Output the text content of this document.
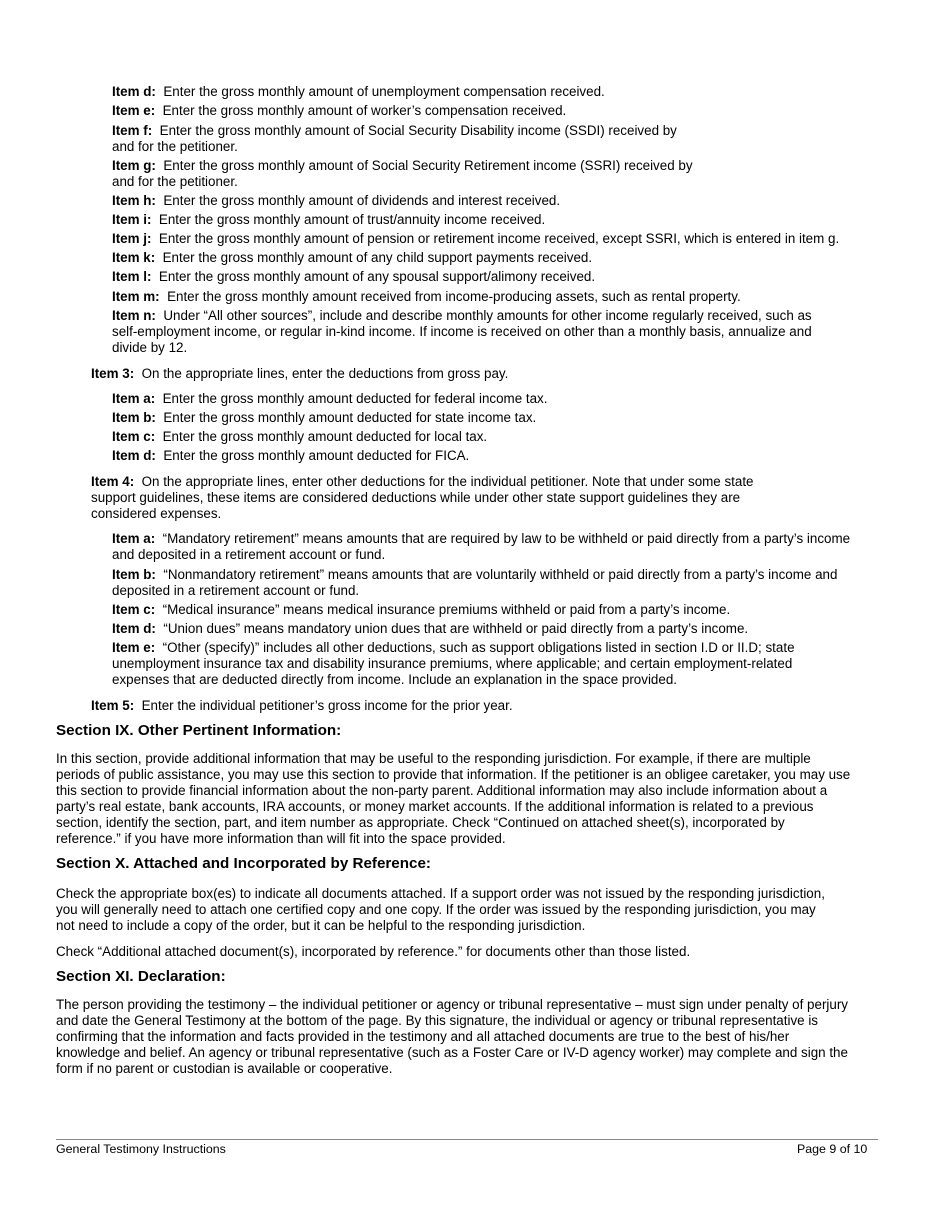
Item d: Enter the gross monthly amount of unemployment compensation received.

Item e: Enter the gross monthly amount of worker’s compensation received.

Item f: Enter the gross monthly amount of Social Security Disability income (SSDI) received by
and for the petitioner.

Item g: Enter the gross monthly amount of Social Security Retirement income (SSRI) received by
and for the petitioner.

Item h: Enter the gross monthly amount of dividends and interest received.

Item i: Enter the gross monthly amount of trust/annuity income received.

Item j: Enter the gross monthly amount of pension or retirement income received, except SSRI, which is entered in item g.

Item k: Enter the gross monthly amount of any child support payments received.

Item l: Enter the gross monthly amount of any spousal support/alimony received.

Item m: Enter the gross monthly amount received from income-producing assets, such as rental property.

Item n: Under “All other sources”, include and describe monthly amounts for other income regularly received, such as
self-employment income, or regular in-kind income. If income is received on other than a monthly basis, annualize and
divide by 12.

Item 3: On the appropriate lines, enter the deductions from gross pay.

Item a: Enter the gross monthly amount deducted for federal income tax.

Item b: Enter the gross monthly amount deducted for state income tax.

Item c: Enter the gross monthly amount deducted for local tax.

Item d: Enter the gross monthly amount deducted for FICA.

Item 4: On the appropriate lines, enter other deductions for the individual petitioner. Note that under some state
support guidelines, these items are considered deductions while under other state support guidelines they are
considered expenses.

Item a: “Mandatory retirement” means amounts that are required by law to be withheld or paid directly from a party’s income
and deposited in a retirement account or fund.

Item b: “Nonmandatory retirement” means amounts that are voluntarily withheld or paid directly from a party’s income and
deposited in a retirement account or fund.

Item c: “Medical insurance” means medical insurance premiums withheld or paid from a party’s income.

Item d: “Union dues” means mandatory union dues that are withheld or paid directly from a party’s income.

Item e: “Other (specify)” includes all other deductions, such as support obligations listed in section I.D or II.D; state
unemployment insurance tax and disability insurance premiums, where applicable; and certain employment-related
expenses that are deducted directly from income. Include an explanation in the space provided.

Item 5: Enter the individual petitioner’s gross income for the prior year.

Section IX. Other Pertinent Information:

In this section, provide additional information that may be useful to the responding jurisdiction. For example, if there are multiple
periods of public assistance, you may use this section to provide that information. If the petitioner is an obligee caretaker, you may use
this section to provide financial information about the non-party parent. Additional information may also include information about a
party’s real estate, bank accounts, IRA accounts, or money market accounts. If the additional information is related to a previous
section, identify the section, part, and item number as appropriate. Check “Continued on attached sheet(s), incorporated by
reference.” if you have more information than will fit into the space provided.

Section X. Attached and Incorporated by Reference:

Check the appropriate box(es) to indicate all documents attached. If a support order was not issued by the responding jurisdiction,
you will generally need to attach one certified copy and one copy. If the order was issued by the responding jurisdiction, you may
not need to include a copy of the order, but it can be helpful to the responding jurisdiction.

Check “Additional attached document(s), incorporated by reference.” for documents other than those listed.

Section XI. Declaration:

The person providing the testimony – the individual petitioner or agency or tribunal representative – must sign under penalty of perjury
and date the General Testimony at the bottom of the page. By this signature, the individual or agency or tribunal representative is
confirming that the information and facts provided in the testimony and all attached documents are true to the best of his/her
knowledge and belief. An agency or tribunal representative (such as a Foster Care or IV-D agency worker) may complete and sign the
form if no parent or custodian is available or cooperative.

General Testimony Instructions	Page 9 of 10
